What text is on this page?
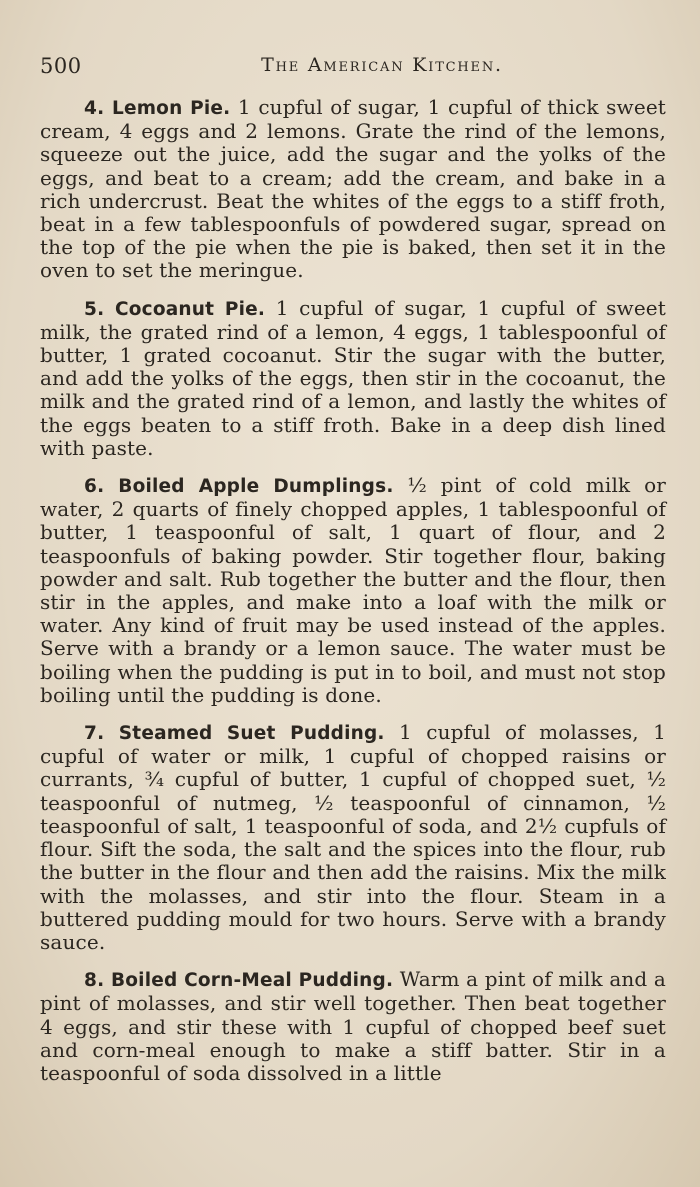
500	The American Kitchen.

4. Lemon Pie. 1 cupful of sugar, 1 cupful of thick sweet cream, 4 eggs and 2 lemons. Grate the rind of the lemons, squeeze out the juice, add the sugar and the yolks of the eggs, and beat to a cream; add the cream, and bake in a rich undercrust. Beat the whites of the eggs to a stiff froth, beat in a few tablespoonfuls of powdered sugar, spread on the top of the pie when the pie is baked, then set it in the oven to set the meringue.

5. Cocoanut Pie. 1 cupful of sugar, 1 cupful of sweet milk, the grated rind of a lemon, 4 eggs, 1 tablespoonful of butter, 1 grated cocoanut. Stir the sugar with the butter, and add the yolks of the eggs, then stir in the cocoanut, the milk and the grated rind of a lemon, and lastly the whites of the eggs beaten to a stiff froth. Bake in a deep dish lined with paste.

6. Boiled Apple Dumplings. ½ pint of cold milk or water, 2 quarts of finely chopped apples, 1 tablespoonful of butter, 1 teaspoonful of salt, 1 quart of flour, and 2 teaspoonfuls of baking powder. Stir together flour, baking powder and salt. Rub together the butter and the flour, then stir in the apples, and make into a loaf with the milk or water. Any kind of fruit may be used instead of the apples. Serve with a brandy or a lemon sauce. The water must be boiling when the pudding is put in to boil, and must not stop boiling until the pudding is done.

7. Steamed Suet Pudding. 1 cupful of molasses, 1 cupful of water or milk, 1 cupful of chopped raisins or currants, ¾ cupful of butter, 1 cupful of chopped suet, ½ teaspoonful of nutmeg, ½ teaspoonful of cinnamon, ½ teaspoonful of salt, 1 teaspoonful of soda, and 2½ cupfuls of flour. Sift the soda, the salt and the spices into the flour, rub the butter in the flour and then add the raisins. Mix the milk with the molasses, and stir into the flour. Steam in a buttered pudding mould for two hours. Serve with a brandy sauce.

8. Boiled Corn-Meal Pudding. Warm a pint of milk and a pint of molasses, and stir well together. Then beat together 4 eggs, and stir these with 1 cupful of chopped beef suet and corn-meal enough to make a stiff batter. Stir in a teaspoonful of soda dissolved in a little
